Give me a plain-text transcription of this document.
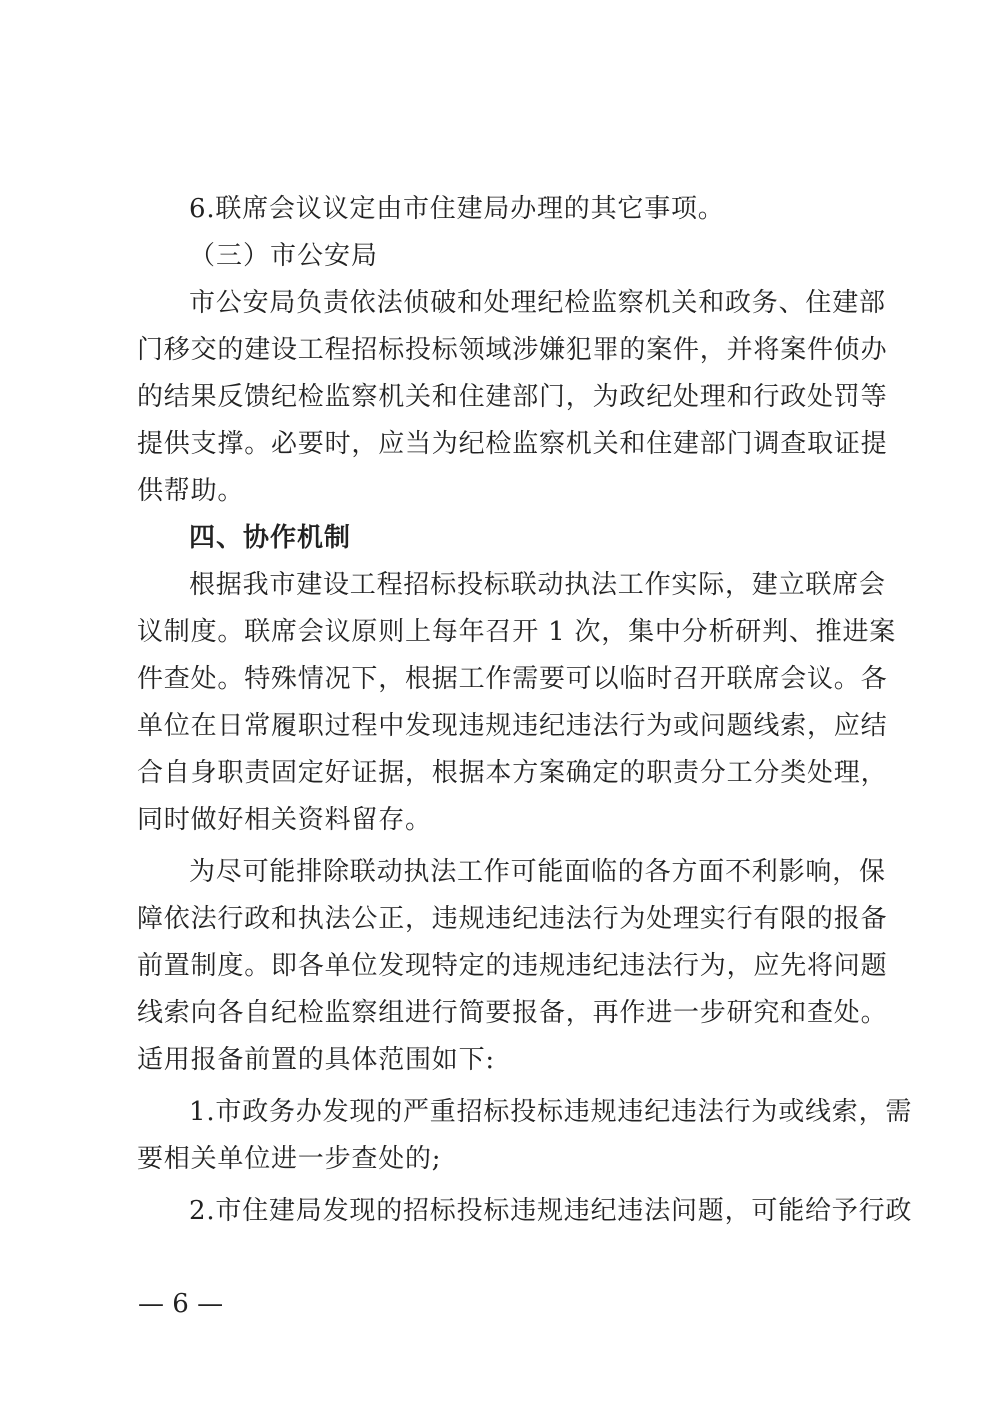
6.联席会议议定由市住建局办理的其它事项。
（三）市公安局
市公安局负责依法侦破和处理纪检监察机关和政务、住建部
门移交的建设工程招标投标领域涉嫌犯罪的案件，并将案件侦办
的结果反馈纪检监察机关和住建部门，为政纪处理和行政处罚等
提供支撑。必要时，应当为纪检监察机关和住建部门调查取证提
供帮助。
四、协作机制
根据我市建设工程招标投标联动执法工作实际，建立联席会
议制度。联席会议原则上每年召开 1 次，集中分析研判、推进案
件查处。特殊情况下，根据工作需要可以临时召开联席会议。各
单位在日常履职过程中发现违规违纪违法行为或问题线索，应结
合自身职责固定好证据，根据本方案确定的职责分工分类处理，
同时做好相关资料留存。
为尽可能排除联动执法工作可能面临的各方面不利影响，保
障依法行政和执法公正，违规违纪违法行为处理实行有限的报备
前置制度。即各单位发现特定的违规违纪违法行为，应先将问题
线索向各自纪检监察组进行简要报备，再作进一步研究和查处。
适用报备前置的具体范围如下:
1.市政务办发现的严重招标投标违规违纪违法行为或线索，需
要相关单位进一步查处的;
2.市住建局发现的招标投标违规违纪违法问题，可能给予行政
— 6 —
